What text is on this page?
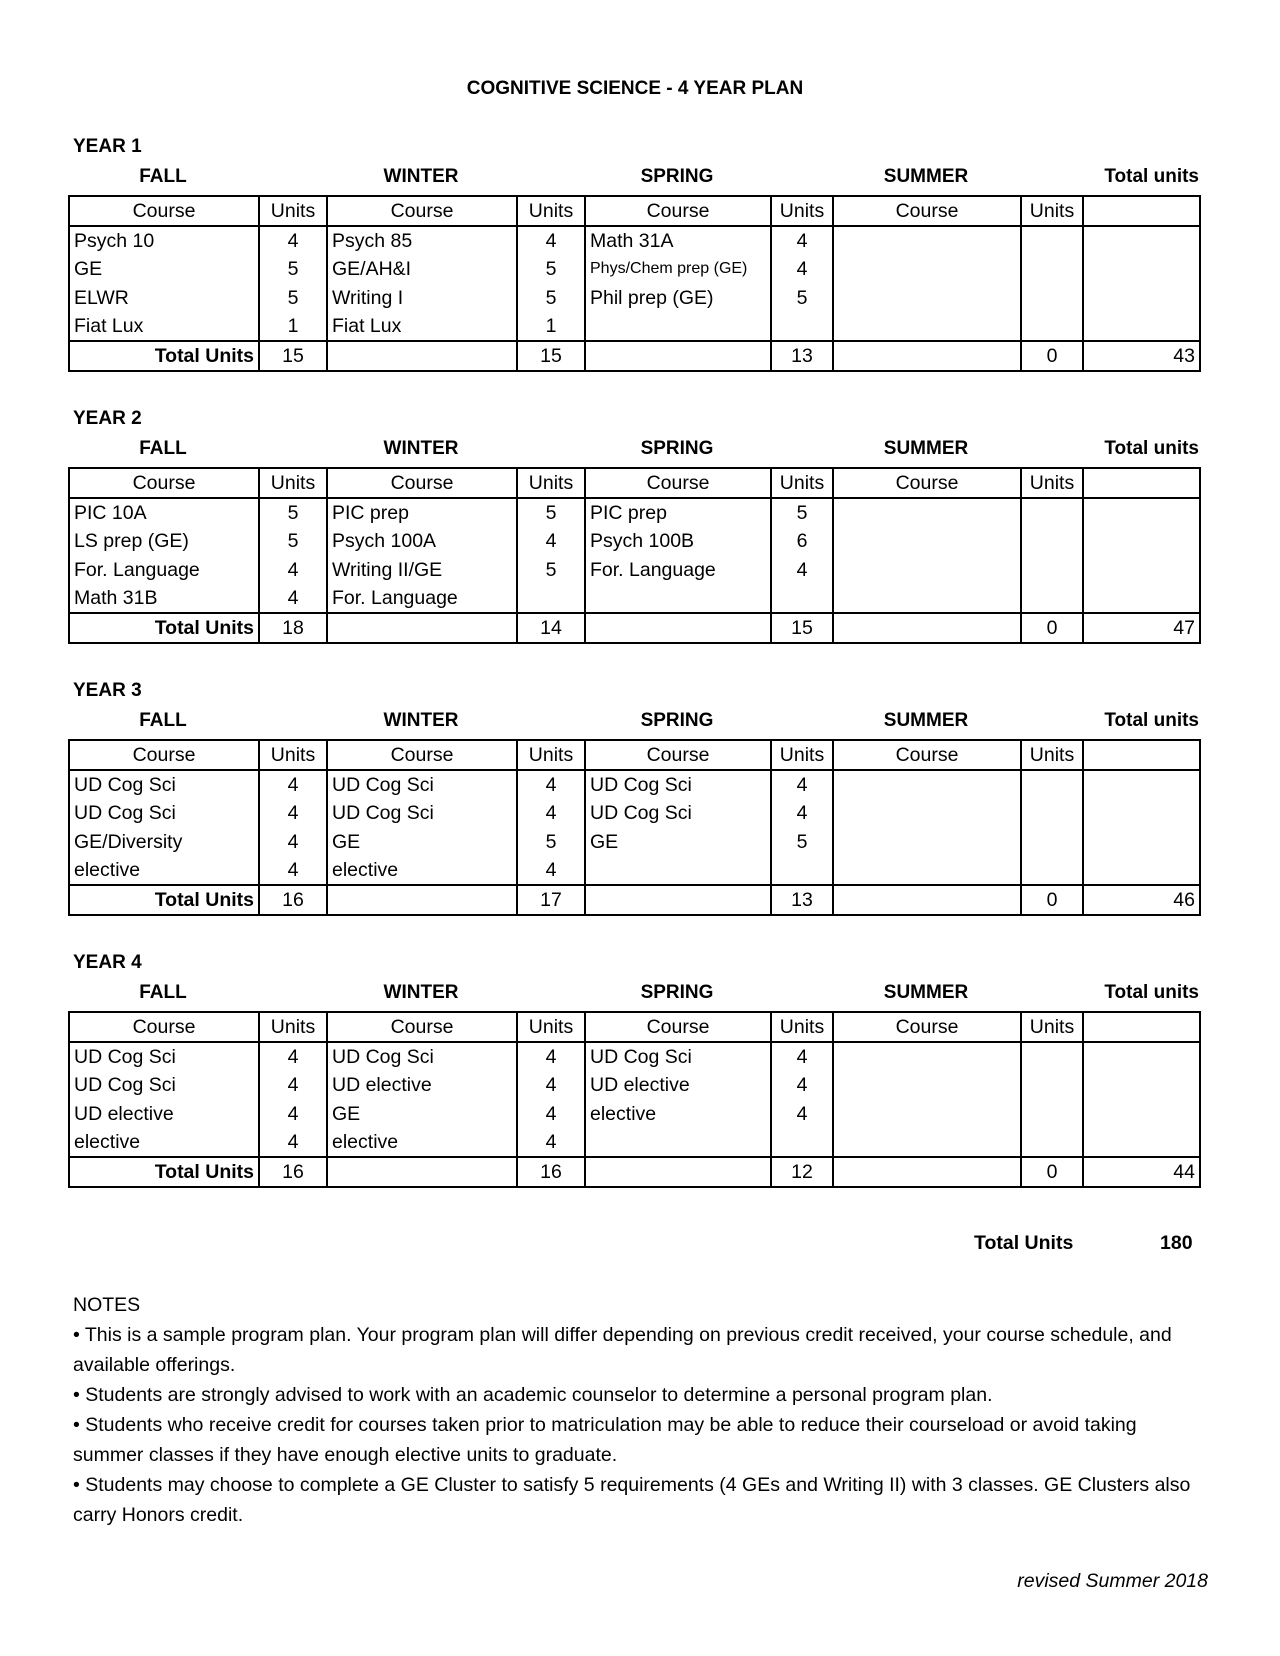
COGNITIVE SCIENCE - 4 YEAR PLAN
YEAR 1
FALL	WINTER	SPRING	SUMMER	Total units
Course	Units	Course	Units	Course	Units	Course	Units	
Psych 10	4	Psych 85	4	Math 31A	4			
GE	5	GE/AH&I	5	Phys/Chem prep (GE)	4			
ELWR	5	Writing I	5	Phil prep (GE)	5			
Fiat Lux	1	Fiat Lux	1					
Total Units	15		15		13		0	43
YEAR 2
FALL	WINTER	SPRING	SUMMER	Total units
Course	Units	Course	Units	Course	Units	Course	Units	
PIC 10A	5	PIC prep	5	PIC prep	5			
LS prep (GE)	5	Psych 100A	4	Psych 100B	6			
For. Language	4	Writing II/GE	5	For. Language	4			
Math 31B	4	For. Language						
Total Units	18		14		15		0	47
YEAR 3
FALL	WINTER	SPRING	SUMMER	Total units
Course	Units	Course	Units	Course	Units	Course	Units	
UD Cog Sci	4	UD Cog Sci	4	UD Cog Sci	4			
UD Cog Sci	4	UD Cog Sci	4	UD Cog Sci	4			
GE/Diversity	4	GE	5	GE	5			
elective	4	elective	4					
Total Units	16		17		13		0	46
YEAR 4
FALL	WINTER	SPRING	SUMMER	Total units
Course	Units	Course	Units	Course	Units	Course	Units	
UD Cog Sci	4	UD Cog Sci	4	UD Cog Sci	4			
UD Cog Sci	4	UD elective	4	UD elective	4			
UD elective	4	GE	4	elective	4			
elective	4	elective	4					
Total Units	16		16		12		0	44
Total Units	180
NOTES
• This is a sample program plan. Your program plan will differ depending on previous credit received, your course schedule, and available offerings.
• Students are strongly advised to work with an academic counselor to determine a personal program plan.
• Students who receive credit for courses taken prior to matriculation may be able to reduce their courseload or avoid taking summer classes if they have enough elective units to graduate.
• Students may choose to complete a GE Cluster to satisfy 5 requirements (4 GEs and Writing II) with 3 classes. GE Clusters also carry Honors credit.
revised Summer 2018
